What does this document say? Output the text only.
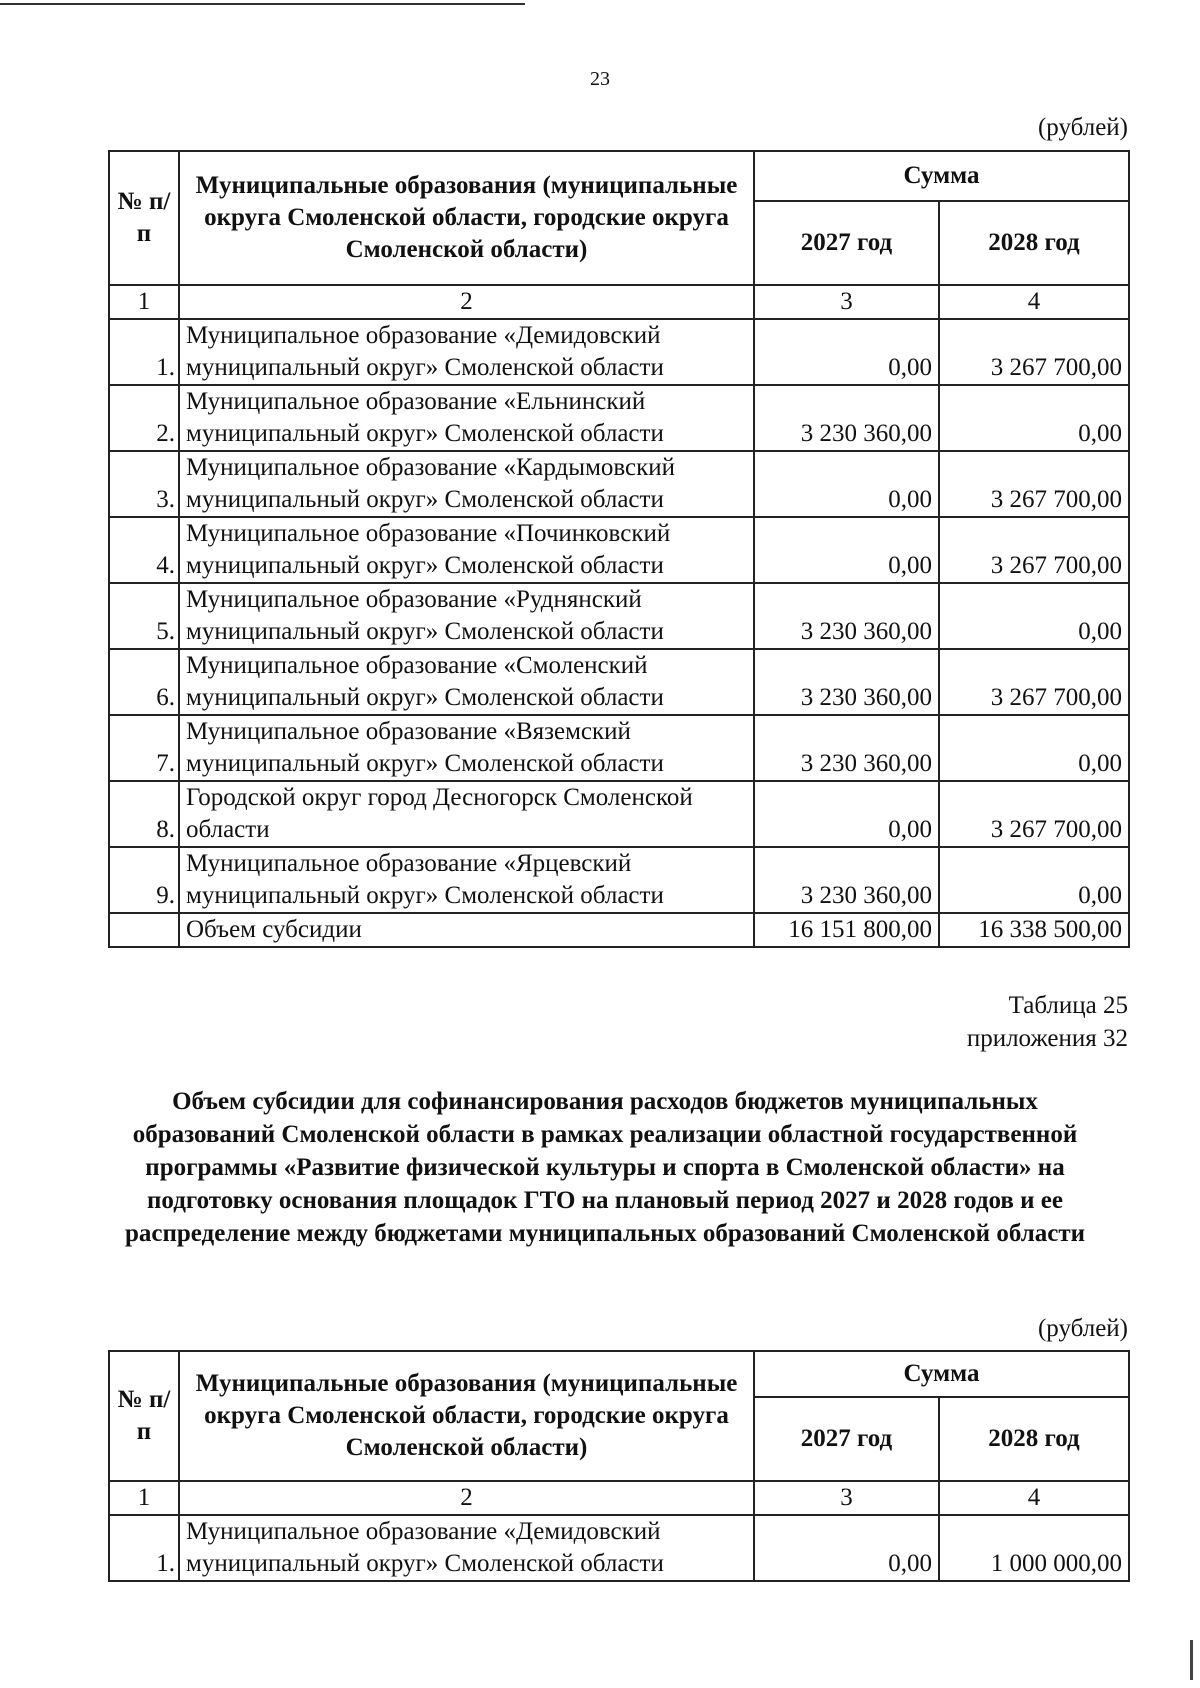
23
(рублей)
№ п/п	Муниципальные образования (муниципальные округа Смоленской области, городские округа Смоленской области)	Сумма	
		2027 год	2028 год
1	2	3	4
1.	Муниципальное образование «Демидовский муниципальный округ» Смоленской области	0,00	3 267 700,00
2.	Муниципальное образование «Ельнинский муниципальный округ» Смоленской области	3 230 360,00	0,00
3.	Муниципальное образование «Кардымовский муниципальный округ» Смоленской области	0,00	3 267 700,00
4.	Муниципальное образование «Починковский муниципальный округ» Смоленской области	0,00	3 267 700,00
5.	Муниципальное образование «Руднянский муниципальный округ» Смоленской области	3 230 360,00	0,00
6.	Муниципальное образование «Смоленский муниципальный округ» Смоленской области	3 230 360,00	3 267 700,00
7.	Муниципальное образование «Вяземский муниципальный округ» Смоленской области	3 230 360,00	0,00
8.	Городской округ город Десногорск Смоленской области	0,00	3 267 700,00
9.	Муниципальное образование «Ярцевский муниципальный округ» Смоленской области	3 230 360,00	0,00
	Объем субсидии	16 151 800,00	16 338 500,00
Таблица 25
приложения 32
Объем субсидии для софинансирования расходов бюджетов муниципальных образований Смоленской области в рамках реализации областной государственной программы «Развитие физической культуры и спорта в Смоленской области» на подготовку основания площадок ГТО на плановый период 2027 и 2028 годов и ее распределение между бюджетами муниципальных образований Смоленской области
(рублей)
№ п/п	Муниципальные образования (муниципальные округа Смоленской области, городские округа Смоленской области)	Сумма	
		2027 год	2028 год
1	2	3	4
1.	Муниципальное образование «Демидовский муниципальный округ» Смоленской области	0,00	1 000 000,00
